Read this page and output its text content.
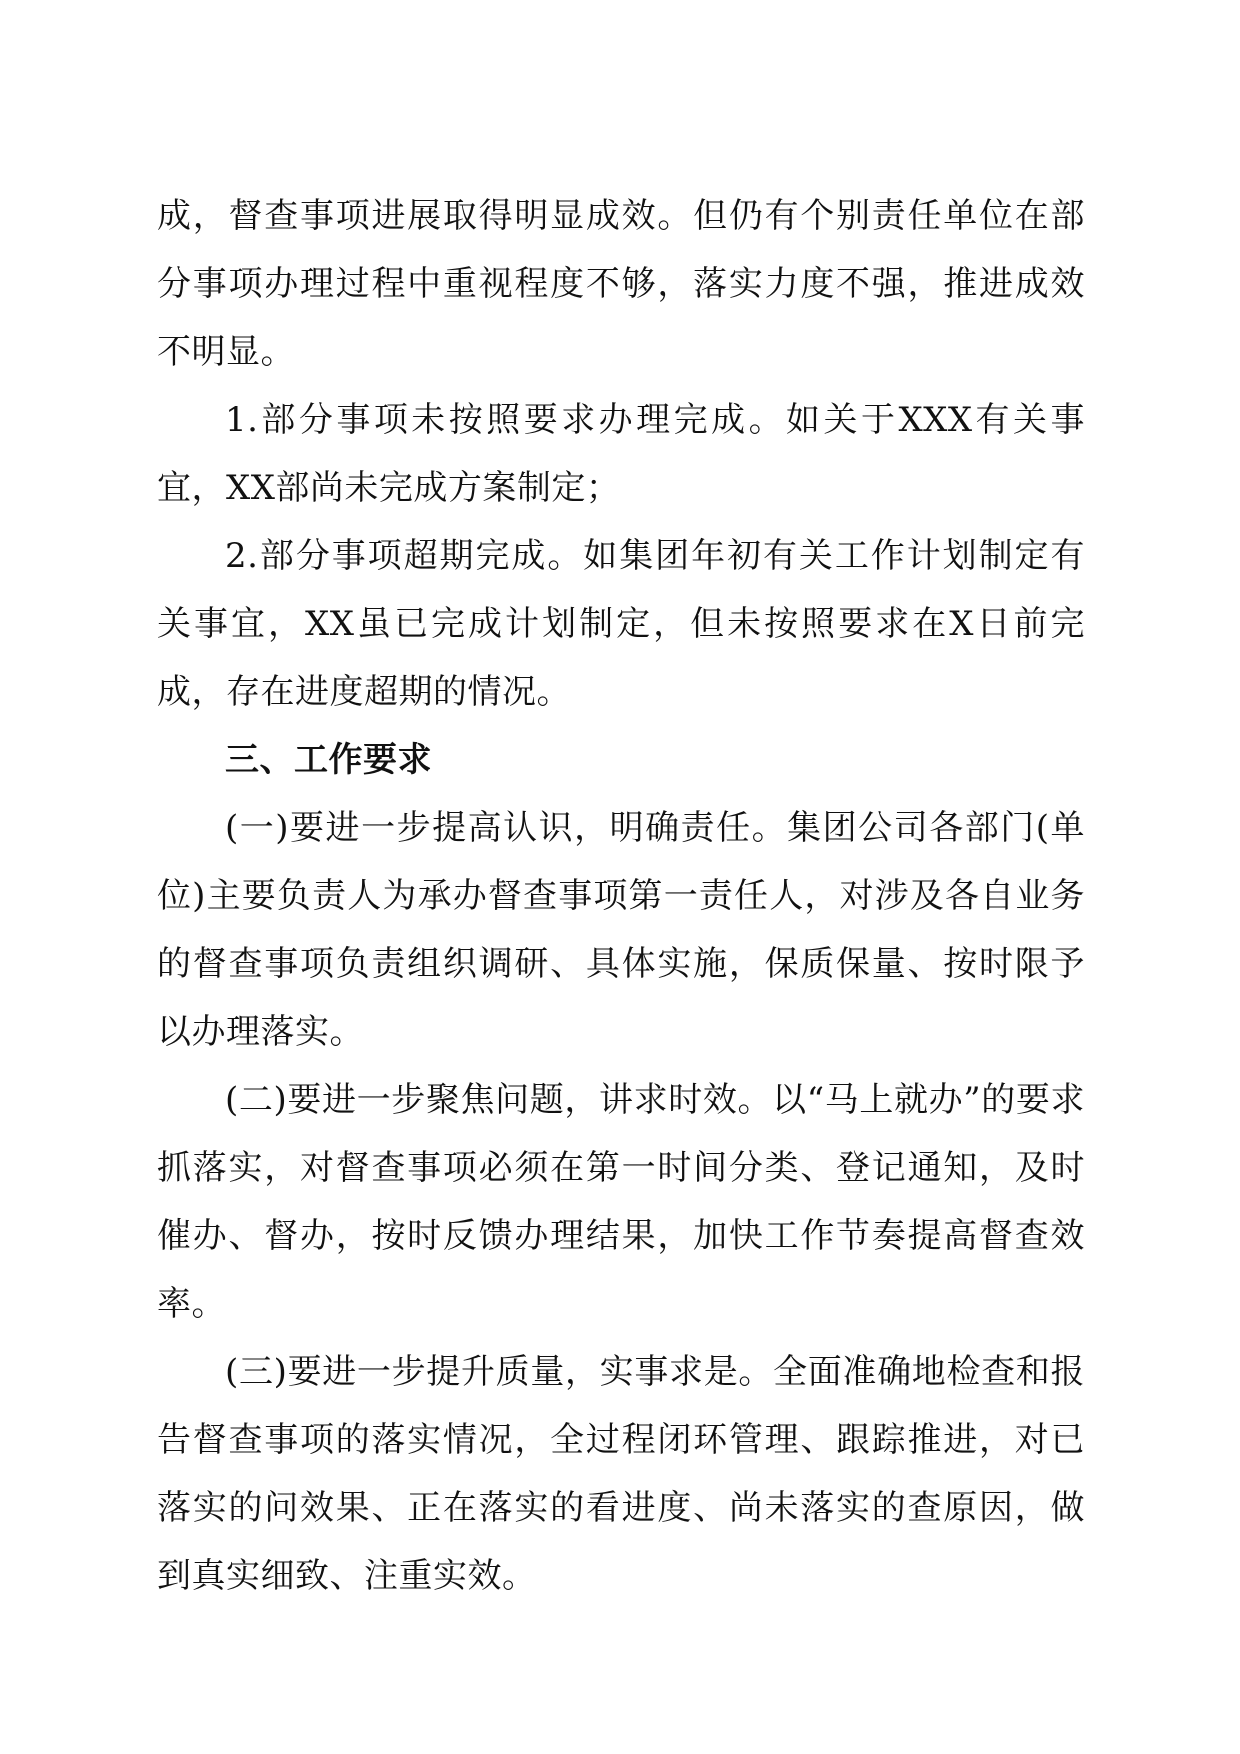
成，督查事项进展取得明显成效。但仍有个别责任单位在部分事项办理过程中重视程度不够，落实力度不强，推进成效不明显。

1.部分事项未按照要求办理完成。如关于XXX有关事宜，XX部尚未完成方案制定；

2.部分事项超期完成。如集团年初有关工作计划制定有关事宜，XX虽已完成计划制定，但未按照要求在X日前完成，存在进度超期的情况。

三、工作要求

(一)要进一步提高认识，明确责任。集团公司各部门(单位)主要负责人为承办督查事项第一责任人，对涉及各自业务的督查事项负责组织调研、具体实施，保质保量、按时限予以办理落实。

(二)要进一步聚焦问题，讲求时效。以“马上就办”的要求抓落实，对督查事项必须在第一时间分类、登记通知，及时催办、督办，按时反馈办理结果，加快工作节奏提高督查效率。

(三)要进一步提升质量，实事求是。全面准确地检查和报告督查事项的落实情况，全过程闭环管理、跟踪推进，对已落实的问效果、正在落实的看进度、尚未落实的查原因，做到真实细致、注重实效。
